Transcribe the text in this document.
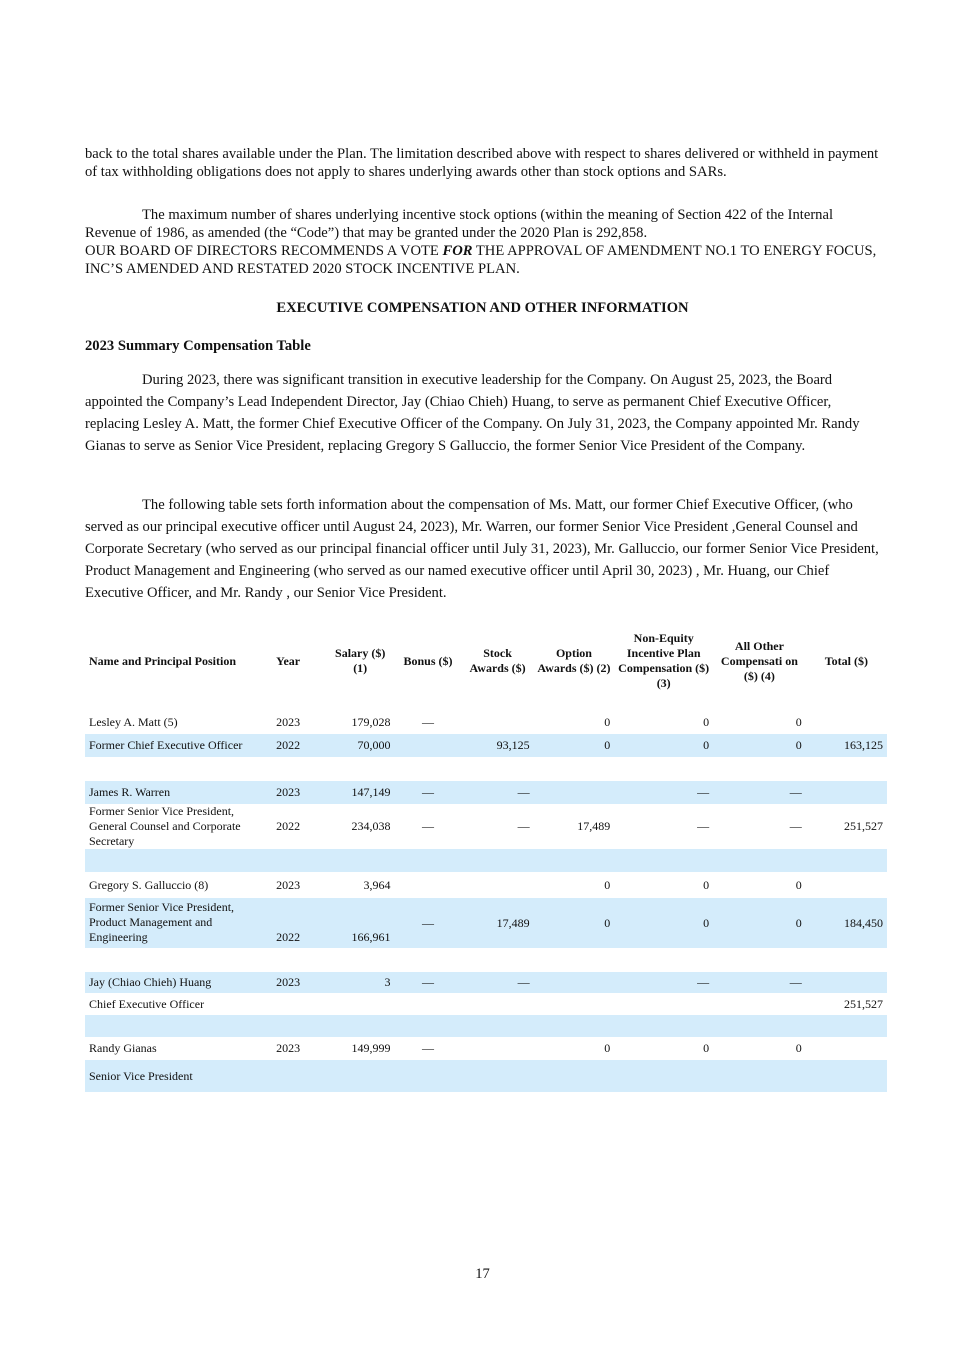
back to the total shares available under the Plan. The limitation described above with respect to shares delivered or withheld in payment of tax withholding obligations does not apply to shares underlying awards other than stock options and SARs.

The maximum number of shares underlying incentive stock options (within the meaning of Section 422 of the Internal Revenue of 1986, as amended (the “Code”) that may be granted under the 2020 Plan is 292,858.
OUR BOARD OF DIRECTORS RECOMMENDS A VOTE FOR THE APPROVAL OF AMENDMENT NO.1 TO ENERGY FOCUS, INC’S AMENDED AND RESTATED 2020 STOCK INCENTIVE PLAN.

EXECUTIVE COMPENSATION AND OTHER INFORMATION
2023 Summary Compensation Table

During 2023, there was significant transition in executive leadership for the Company. On August 25, 2023, the Board appointed the Company’s Lead Independent Director, Jay (Chiao Chieh) Huang, to serve as permanent Chief Executive Officer, replacing Lesley A. Matt, the former Chief Executive Officer of the Company. On July 31, 2023, the Company appointed Mr. Randy Gianas to serve as Senior Vice President, replacing Gregory S Galluccio, the former Senior Vice President of the Company.

The following table sets forth information about the compensation of Ms. Matt, our former Chief Executive Officer, (who served as our principal executive officer until August 24, 2023), Mr. Warren, our former Senior Vice President ,General Counsel and Corporate Secretary (who served as our principal financial officer until July 31, 2023), Mr. Galluccio, our former Senior Vice President, Product Management and Engineering (who served as our named executive officer until April 30, 2023) , Mr. Huang, our Chief Executive Officer, and Mr. Randy , our Senior Vice President.

Name and Principal Position	Year	Salary ($) (1)	Bonus ($)	Stock Awards ($)	Option Awards ($) (2)	Non-Equity Incentive Plan Compensation ($) (3)	All Other Compensati on ($) (4)	Total ($)

Lesley A. Matt (5)	2023	179,028	—		0	0	0	
Former Chief Executive Officer	2022	70,000		93,125	0	0	0	163,125

James R. Warren	2023	147,149	—	—		—	—	
Former Senior Vice President, General Counsel and Corporate Secretary	2022	234,038	—	—	17,489	—	—	251,527

Gregory S. Galluccio (8)	2023	3,964			0	0	0	
Former Senior Vice President, Product Management and Engineering	2022	166,961	—	17,489	0	0	0	184,450

Jay (Chiao Chieh) Huang	2023	3	—	—		—	—	
Chief Executive Officer								251,527

Randy Gianas	2023	149,999	—		0	0	0	
Senior Vice President								
17
